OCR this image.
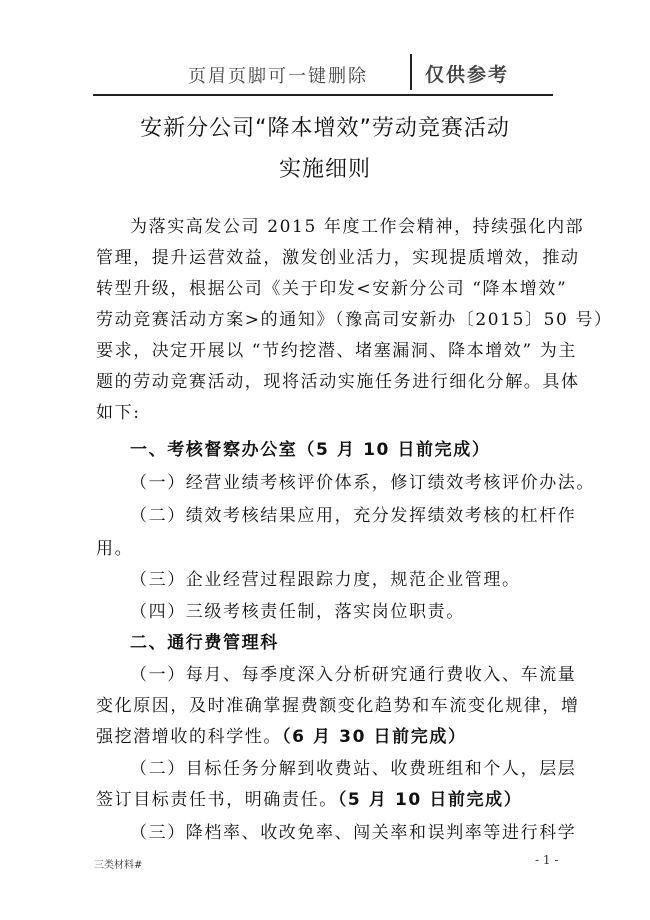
页眉页脚可一键删除	仅供参考
安新分公司“降本增效”劳动竞赛活动
实施细则
为落实高发公司 2015 年度工作会精神，持续强化内部
管理，提升运营效益，激发创业活力，实现提质增效，推动
转型升级，根据公司《关于印发<安新分公司 “降本增效”
劳动竞赛活动方案>的通知》（豫高司安新办〔2015〕50 号）
要求，决定开展以 “节约挖潜、堵塞漏洞、降本增效” 为主
题的劳动竞赛活动，现将活动实施任务进行细化分解。具体
如下:
一、考核督察办公室（5 月 10 日前完成）
（一）经营业绩考核评价体系，修订绩效考核评价办法。
（二）绩效考核结果应用，充分发挥绩效考核的杠杆作
用。
（三）企业经营过程跟踪力度，规范企业管理。
（四）三级考核责任制，落实岗位职责。
二、通行费管理科
（一）每月、每季度深入分析研究通行费收入、车流量
变化原因，及时准确掌握费额变化趋势和车流变化规律，增
强挖潜增收的科学性。（6 月 30 日前完成）
（二）目标任务分解到收费站、收费班组和个人，层层
签订目标责任书，明确责任。（5 月 10 日前完成）
（三）降档率、收改免率、闯关率和误判率等进行科学
三类材料#	- 1 -
